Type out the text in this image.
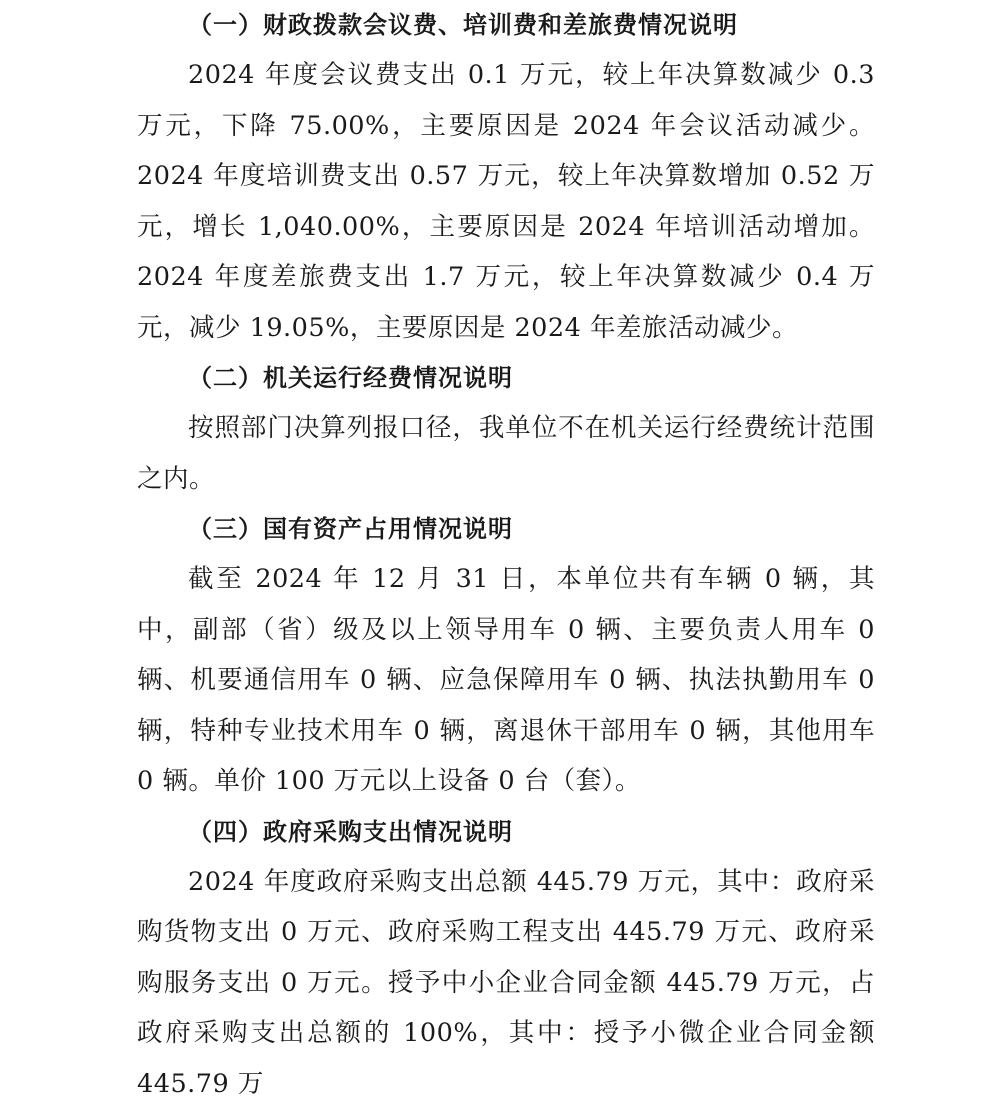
（一）财政拨款会议费、培训费和差旅费情况说明

2024 年度会议费支出 0.1 万元，较上年决算数减少 0.3 万元，下降 75.00%，主要原因是 2024 年会议活动减少。2024 年度培训费支出 0.57 万元，较上年决算数增加 0.52 万元，增长 1,040.00%，主要原因是 2024 年培训活动增加。2024 年度差旅费支出 1.7 万元，较上年决算数减少 0.4 万元，减少 19.05%，主要原因是 2024 年差旅活动减少。

（二）机关运行经费情况说明

按照部门决算列报口径，我单位不在机关运行经费统计范围之内。

（三）国有资产占用情况说明

截至 2024 年 12 月 31 日，本单位共有车辆 0 辆，其中，副部（省）级及以上领导用车 0 辆、主要负责人用车 0 辆、机要通信用车 0 辆、应急保障用车 0 辆、执法执勤用车 0 辆，特种专业技术用车 0 辆，离退休干部用车 0 辆，其他用车 0 辆。单价 100 万元以上设备 0 台（套）。

（四）政府采购支出情况说明

2024 年度政府采购支出总额 445.79 万元，其中：政府采购货物支出 0 万元、政府采购工程支出 445.79 万元、政府采购服务支出 0 万元。授予中小企业合同金额 445.79 万元，占政府采购支出总额的 100%，其中：授予小微企业合同金额 445.79 万
